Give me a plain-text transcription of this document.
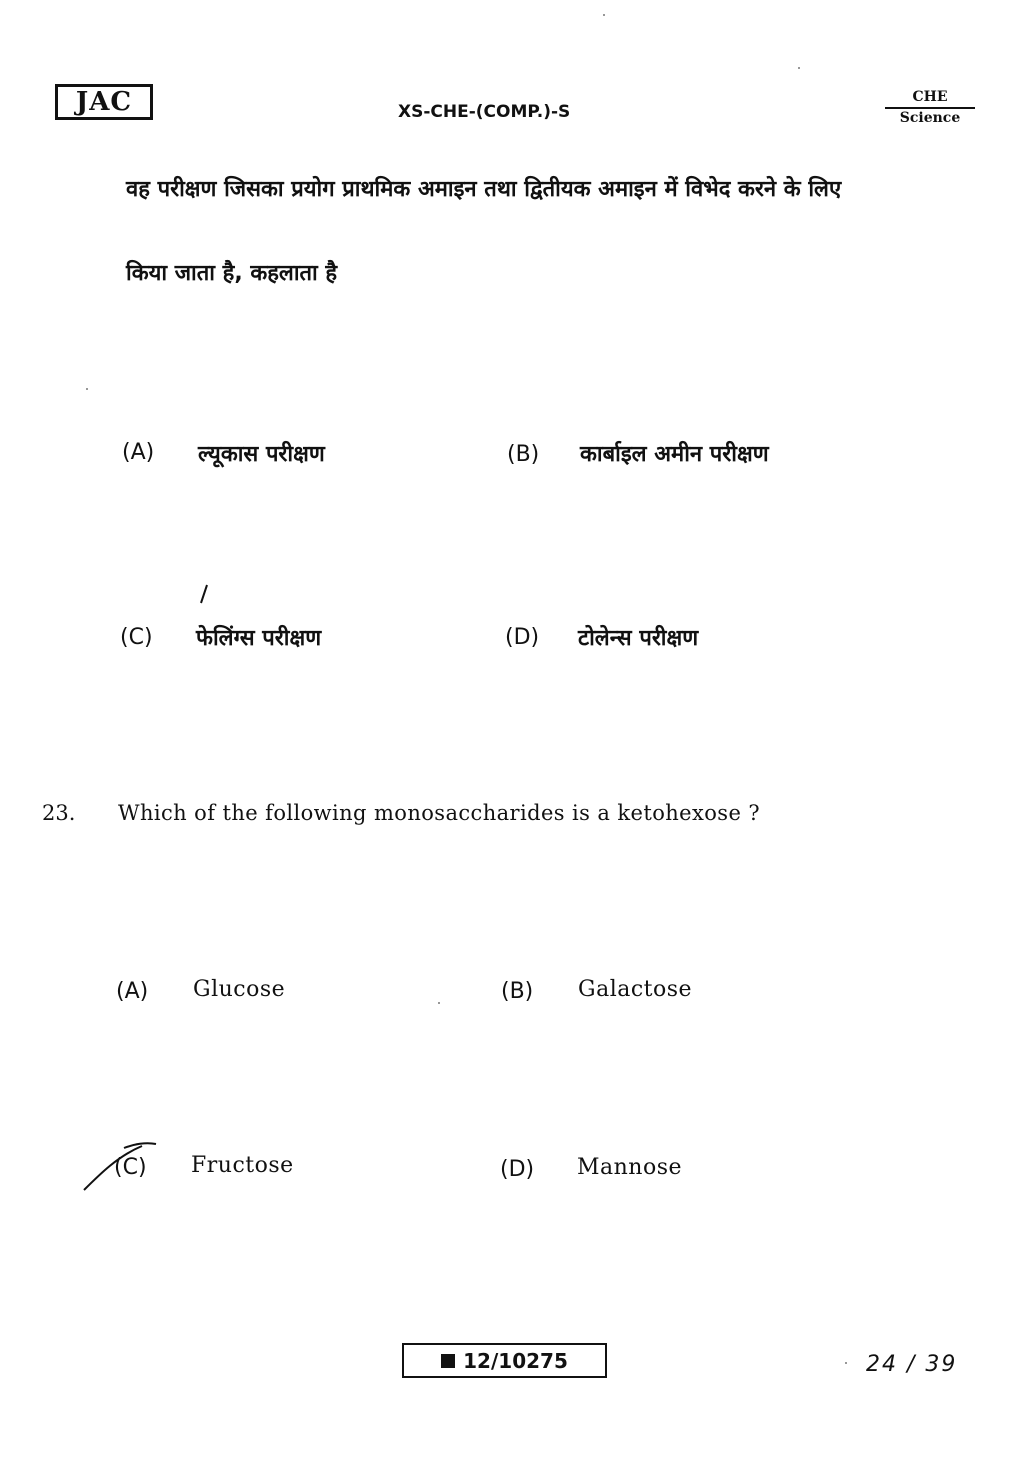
JAC	XS-CHE-(COMP.)-S
CHE
Science
वह परीक्षण जिसका प्रयोग प्राथमिक अमाइन तथा द्वितीयक अमाइन में विभेद करने के लिए
किया जाता है, कहलाता है
(A) ल्यूकास परीक्षण	(B) कार्बाइल अमीन परीक्षण
(C) फेलिंग्स परीक्षण	(D) टोलेन्स परीक्षण
23. Which of the following monosaccharides is a ketohexose ?
(A) Glucose	(B) Galactose
(C) Fructose	(D) Mannose
12/10275	24 / 39
